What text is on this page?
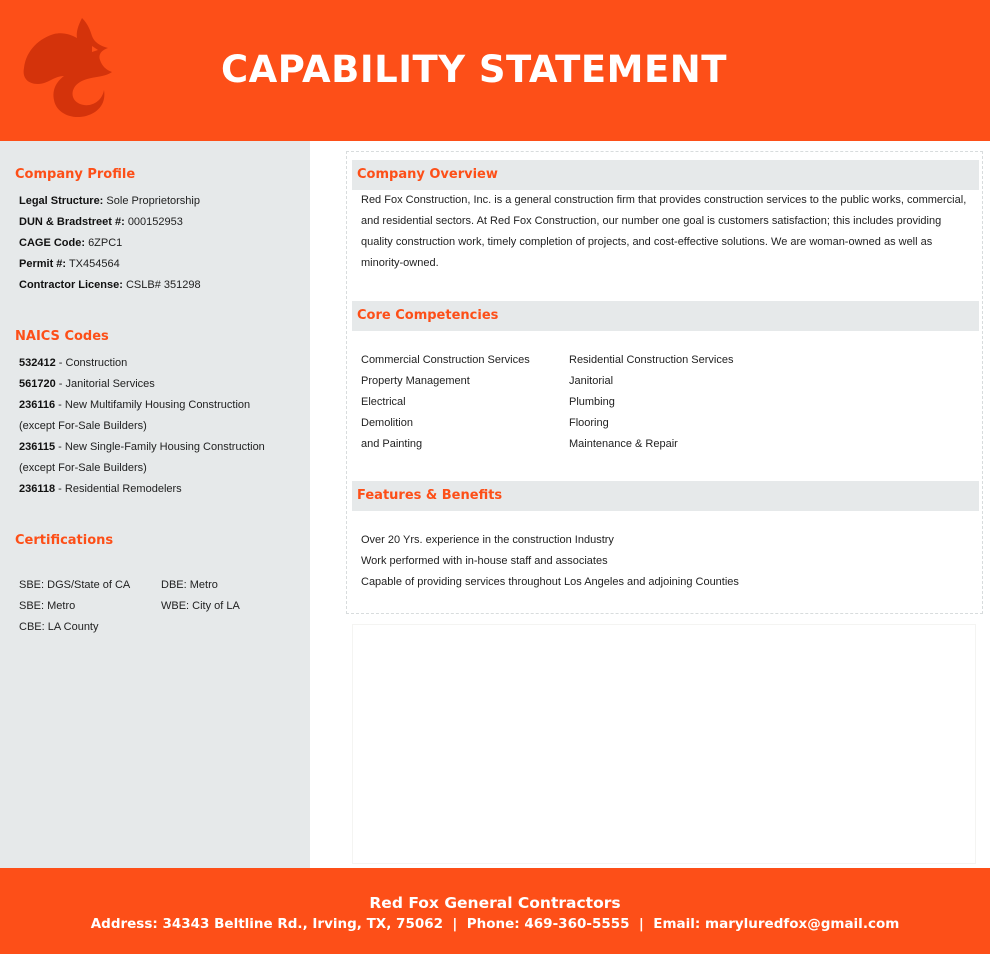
CAPABILITY STATEMENT
Company Profile
Legal Structure: Sole Proprietorship
DUN & Bradstreet #: 000152953
CAGE Code: 6ZPC1
Permit #: TX454564
Contractor License: CSLB# 351298
NAICS Codes
532412 - Construction
561720 - Janitorial Services
236116 - New Multifamily Housing Construction
(except For-Sale Builders)
236115 - New Single-Family Housing Construction
(except For-Sale Builders)
236118 - Residential Remodelers
Certifications
SBE: DGS/State of CA
SBE: Metro
CBE: LA County
DBE: Metro
WBE: City of LA
Company Overview
Red Fox Construction, Inc. is a general construction firm that provides construction services to the public works, commercial, and residential sectors. At Red Fox Construction, our number one goal is customers satisfaction; this includes providing quality construction work, timely completion of projects, and cost-effective solutions. We are woman-owned as well as minority-owned.
Core Competencies
Commercial Construction Services
Property Management
Electrical
Demolition
and Painting
Residential Construction Services
Janitorial
Plumbing
Flooring
Maintenance & Repair
Features & Benefits
Over 20 Yrs. experience in the construction Industry
Work performed with in-house staff and associates
Capable of providing services throughout Los Angeles and adjoining Counties
Red Fox General Contractors
Address: 34343 Beltline Rd., Irving, TX, 75062  |  Phone: 469-360-5555  |  Email: maryluredfox@gmail.com
